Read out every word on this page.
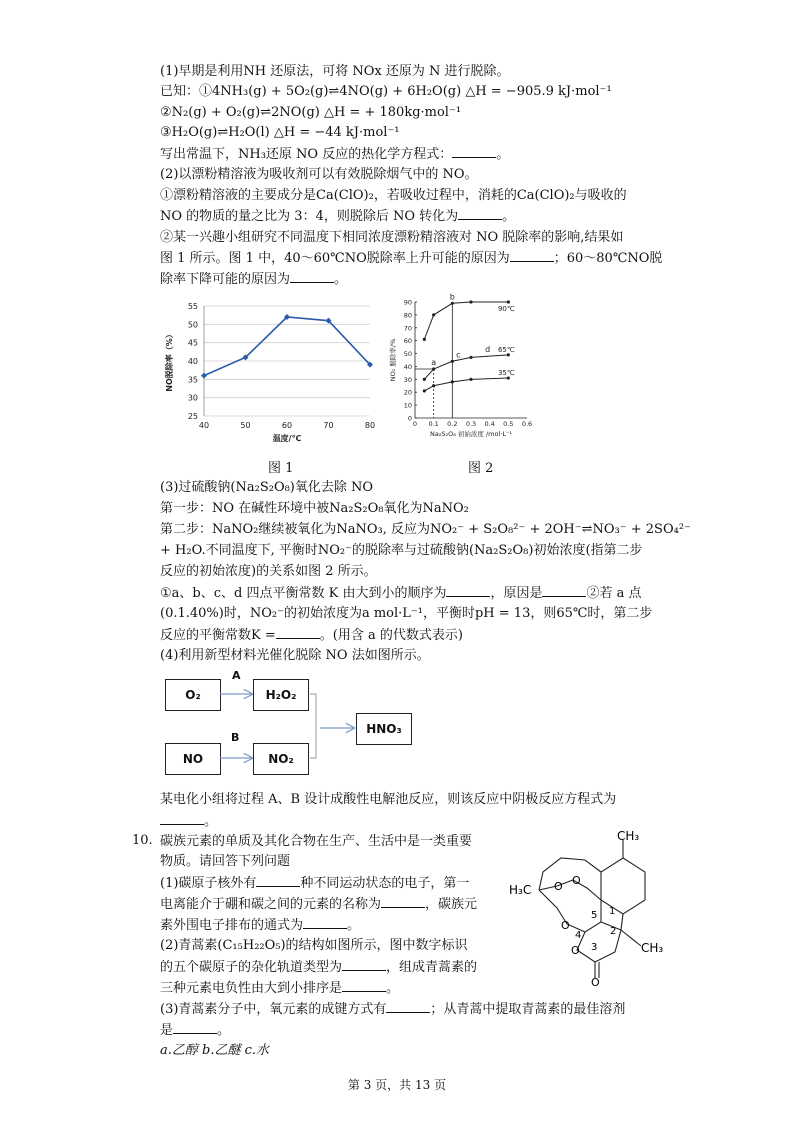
(1)早期是利用NH 还原法，可将 NOx 还原为 N 进行脱除。
已知：①4NH₃(g) + 5O₂(g)⇌4NO(g) + 6H₂O(g) △H = −905.9 kJ·mol⁻¹
②N₂(g) + O₂(g)⇌2NO(g) △H = + 180kg·mol⁻¹
③H₂O(g)⇌H₂O(l) △H = −44 kJ·mol⁻¹
写出常温下，NH₃还原 NO 反应的热化学方程式：	。
(2)以漂粉精溶液为吸收剂可以有效脱除烟气中的 NO。
①漂粉精溶液的主要成分是Ca(ClO)₂，若吸收过程中，消耗的Ca(ClO)₂与吸收的
NO 的物质的量之比为 3：4，则脱除后 NO 转化为	。
②某一兴趣小组研究不同温度下相同浓度漂粉精溶液对 NO 脱除率的影响,结果如
图 1 所示。图 1 中，40～60℃NO脱除率上升可能的原因为	；60～80℃NO脱
除率下降可能的原因为	。
25
30
35
40
45
50
55
40	50	60	70	80
温度/℃
NO脱除率（%）
图 1
0
10
20
30
40
50
60
70
80
90
0 0.1 0.2 0.3 0.4 0.5 0.6
Na₂S₂O₈ 初始浓度 /mol·L⁻¹
NO₂ 脱除率/%
90℃
65℃
35℃
a
b
c
d
图 2
(3)过硫酸钠(Na₂S₂O₈)氧化去除 NO
第一步：NO 在碱性环境中被Na₂S₂O₈氧化为NaNO₂
第二步：NaNO₂继续被氧化为NaNO₃, 反应为NO₂⁻ + S₂O₈²⁻ + 2OH⁻⇌NO₃⁻ + 2SO₄²⁻
+ H₂O.不同温度下, 平衡时NO₂⁻的脱除率与过硫酸钠(Na₂S₂O₈)初始浓度(指第二步
反应的初始浓度)的关系如图 2 所示。
①a、b、c、d 四点平衡常数 K 由大到小的顺序为	，原因是	②若 a 点
(0.1.40%)时，NO₂⁻的初始浓度为a mol·L⁻¹，平衡时pH = 13，则65℃时，第二步
反应的平衡常数K =	。(用含 a 的代数式表示)
(4)利用新型材料光催化脱除 NO 法如图所示。
O₂	H₂O₂
NO	NO₂
HNO₃
A
B
某电化小组将过程 A、B 设计成酸性电解池反应，则该反应中阴极反应方程式为
。
10. 碳族元素的单质及其化合物在生产、生活中是一类重要
物质。请回答下列问题
(1)碳原子核外有	种不同运动状态的电子，第一
电离能介于硼和碳之间的元素的名称为	，碳族元
素外围电子排布的通式为	。
(2)青蒿素(C₁₅H₂₂O₅)的结构如图所示，图中数字标识
的五个碳原子的杂化轨道类型为	，组成青蒿素的
三种元素电负性由大到小排序是	。
(3)青蒿素分子中，氧元素的成键方式有	；从青蒿中提取青蒿素的最佳溶剂
是	。
a.乙醇 b.乙醚 c.水
CH₃
H₃C
CH₃
O O
O
O
O
1
2
3
4
5
第 3 页，共 13 页
